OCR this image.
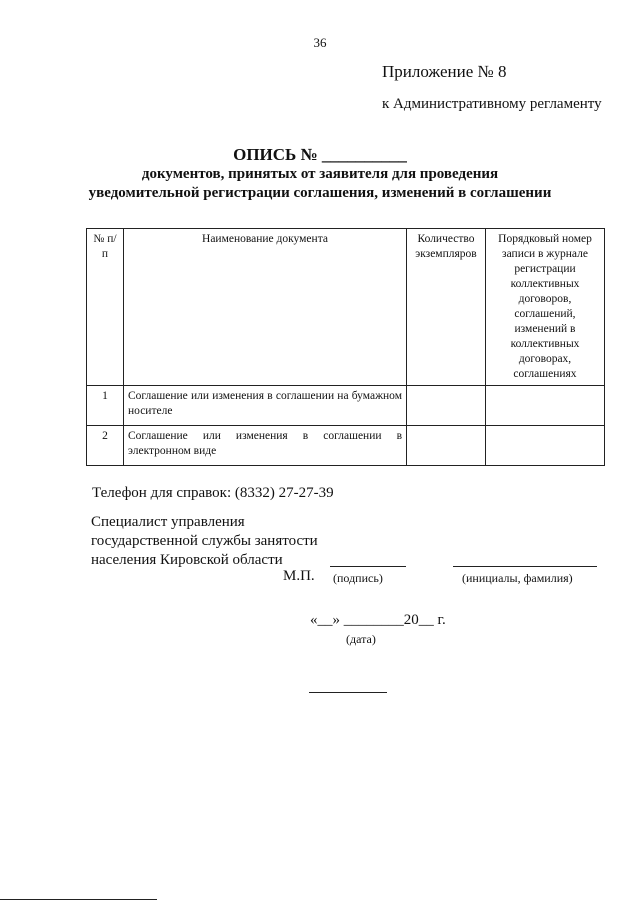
36
Приложение № 8
к Административному регламенту
ОПИСЬ № __________
документов, принятых от заявителя для проведения
уведомительной регистрации соглашения, изменений в соглашении
№ п/п	Наименование документа	Количество экземпляров	Порядковый номер записи в журнале регистрации коллективных договоров, соглашений, изменений в коллективных договорах, соглашениях
1	Соглашение или изменения в соглашении на бумажном носителе		
2	Соглашение или изменения в соглашении в электронном виде		
Телефон для справок: (8332) 27-27-39
Специалист управления
государственной службы занятости
населения Кировской области
М.П. (подпись)	(инициалы, фамилия)
«__» ________20__ г.
(дата)
